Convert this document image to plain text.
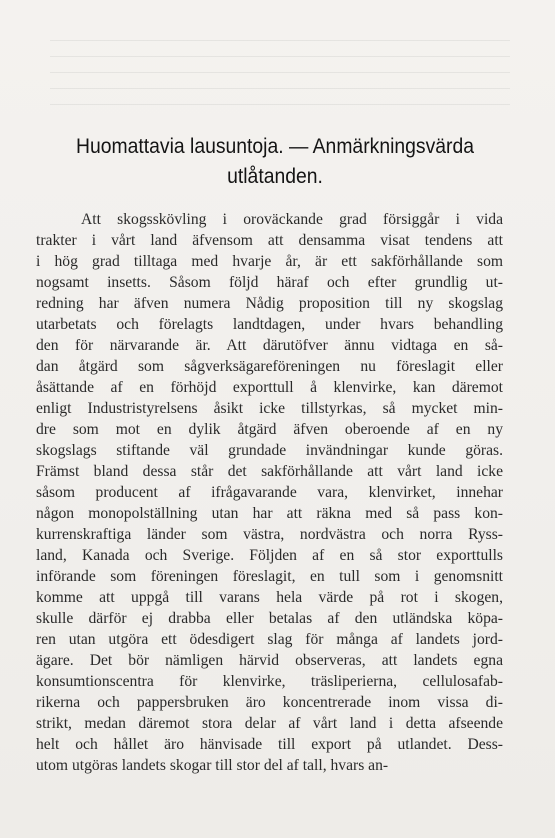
Huomattavia lausuntoja. — Anmärkningsvärda
utlåtanden.
Att skogsskövling i oroväckande grad försiggår i vida
trakter i vårt land äfvensom att densamma visat tendens att
i hög grad tilltaga med hvarje år, är ett sakförhållande som
nogsamt insetts. Såsom följd häraf och efter grundlig ut-
redning har äfven numera Nådig proposition till ny skogslag
utarbetats och förelagts landtdagen, under hvars behandling
den för närvarande är. Att därutöfver ännu vidtaga en så-
dan åtgärd som sågverksägareföreningen nu föreslagit eller
åsättande af en förhöjd exporttull å klenvirke, kan däremot
enligt Industristyrelsens åsikt icke tillstyrkas, så mycket min-
dre som mot en dylik åtgärd äfven oberoende af en ny
skogslags stiftande väl grundade invändningar kunde göras.
Främst bland dessa står det sakförhållande att vårt land icke
såsom producent af ifrågavarande vara, klenvirket, innehar
någon monopolställning utan har att räkna med så pass kon-
kurrenskraftiga länder som västra, nordvästra och norra Ryss-
land, Kanada och Sverige. Följden af en så stor exporttulls
införande som föreningen föreslagit, en tull som i genomsnitt
komme att uppgå till varans hela värde på rot i skogen,
skulle därför ej drabba eller betalas af den utländska köpa-
ren utan utgöra ett ödesdigert slag för många af landets jord-
ägare. Det bör nämligen härvid observeras, att landets egna
konsumtionscentra för klenvirke, träsliperierna, cellulosafab-
rikerna och pappersbruken äro koncentrerade inom vissa di-
strikt, medan däremot stora delar af vårt land i detta afseende
helt och hållet äro hänvisade till export på utlandet. Dess-
utom utgöras landets skogar till stor del af tall, hvars an-
